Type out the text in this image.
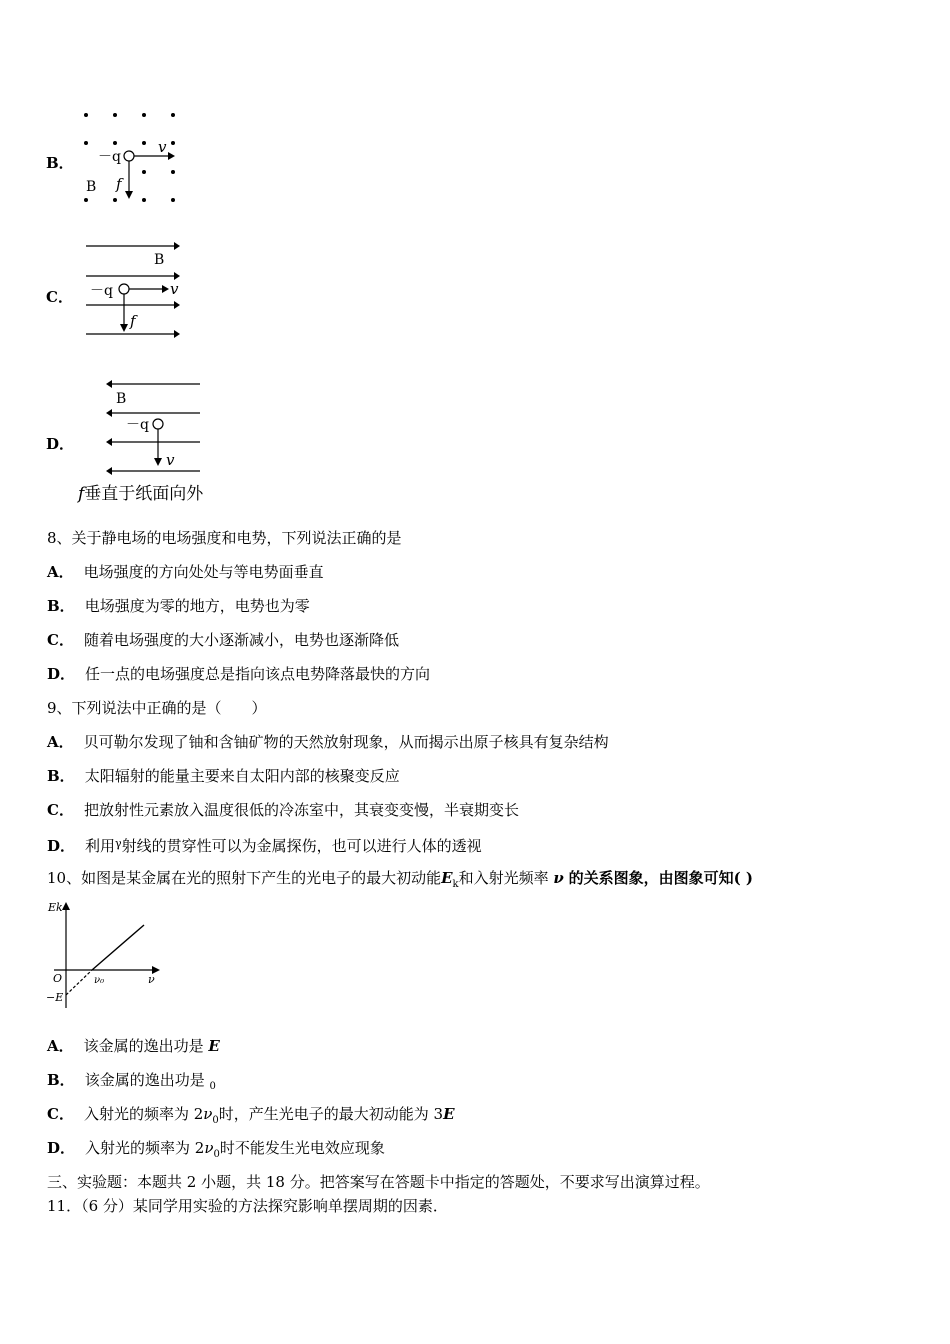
B． －q
v
f
B
C．
B
－q	v
f
D．
B
－q
v
f垂直于纸面向外
8、关于静电场的电场强度和电势，下列说法正确的是
A． 电场强度的方向处处与等电势面垂直
B． 电场强度为零的地方，电势也为零
C． 随着电场强度的大小逐渐减小，电势也逐渐降低
D． 任一点的电场强度总是指向该点电势降落最快的方向
9、下列说法中正确的是（　　）
A． 贝可勒尔发现了铀和含铀矿物的天然放射现象，从而揭示出原子核具有复杂结构
B． 太阳辐射的能量主要来自太阳内部的核聚变反应
C． 把放射性元素放入温度很低的冷冻室中，其衰变变慢，半衰期变长
D． 利用$^\gamma$射线的贯穿性可以为金属探伤，也可以进行人体的透视
10、如图是某金属在光的照射下产生的光电子的最大初动能$E_k$和入射光频率 ν 的关系图象，由图象可知( )
Ek
ν
O	ν₀
−E
A． 该金属的逸出功是 E
B． 该金属的逸出功是 $_0$
C． 入射光的频率为 $2\nu_0$时，产生光电子的最大初动能为 3E
D． 入射光的频率为 $2\nu_0$时不能发生光电效应现象
三、实验题：本题共 2 小题，共 18 分。把答案写在答题卡中指定的答题处，不要求写出演算过程。
11．（6 分）某同学用实验的方法探究影响单摆周期的因素．
